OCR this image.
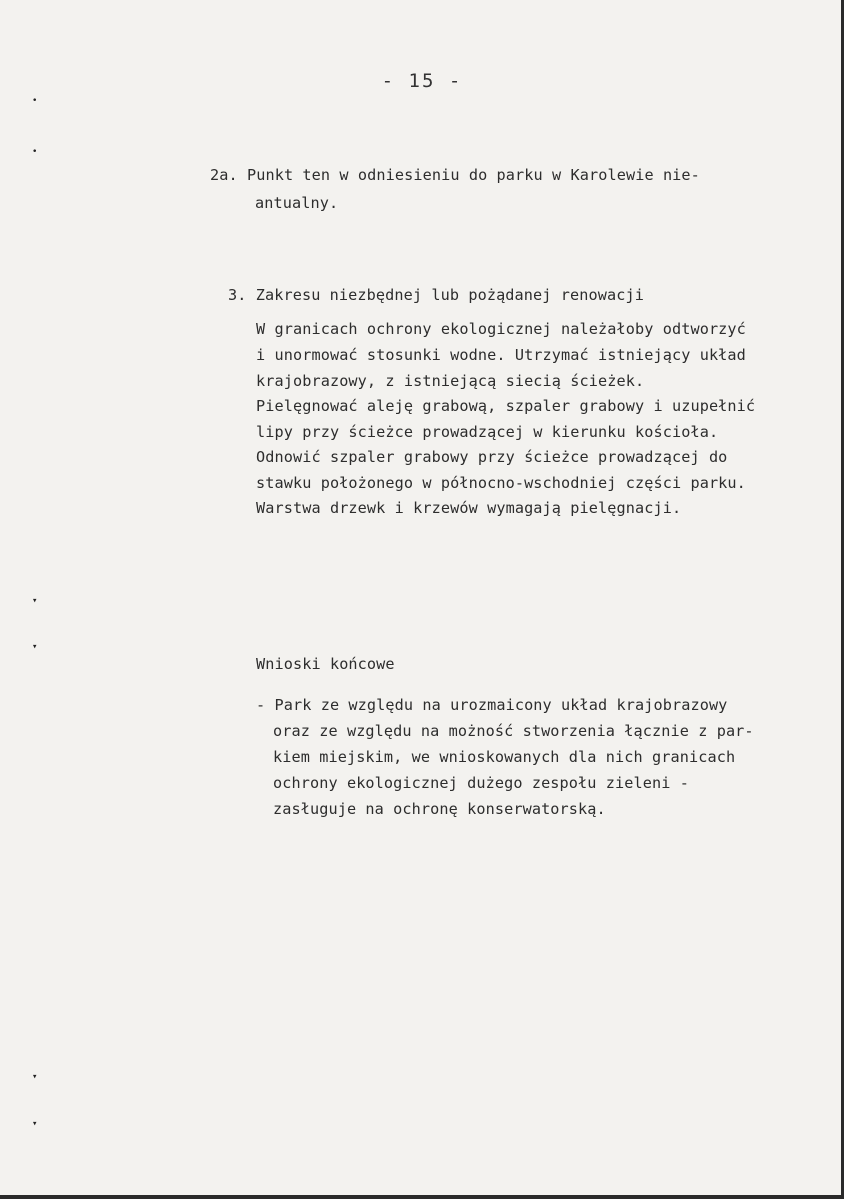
- 15 -
•
•
▾
▾
▾
▾
2a. Punkt ten w odniesieniu do parku w Karolewie nie-
antualny.
3. Zakresu niezbędnej lub pożądanej renowacji
W granicach ochrony ekologicznej należałoby odtworzyć
i unormować stosunki wodne. Utrzymać istniejący układ
krajobrazowy, z istniejącą siecią ścieżek.
Pielęgnować aleję grabową, szpaler grabowy i uzupełnić
lipy przy ścieżce prowadzącej w kierunku kościoła.
Odnowić szpaler grabowy przy ścieżce prowadzącej do
stawku położonego w północno-wschodniej części parku.
Warstwa drzewk i krzewów wymagają pielęgnacji.
Wnioski końcowe
- Park ze względu na urozmaicony układ krajobrazowy
oraz ze względu na możność stworzenia łącznie z par-
kiem miejskim, we wnioskowanych dla nich granicach
ochrony ekologicznej dużego zespołu zieleni -
zasługuje na ochronę konserwatorską.
